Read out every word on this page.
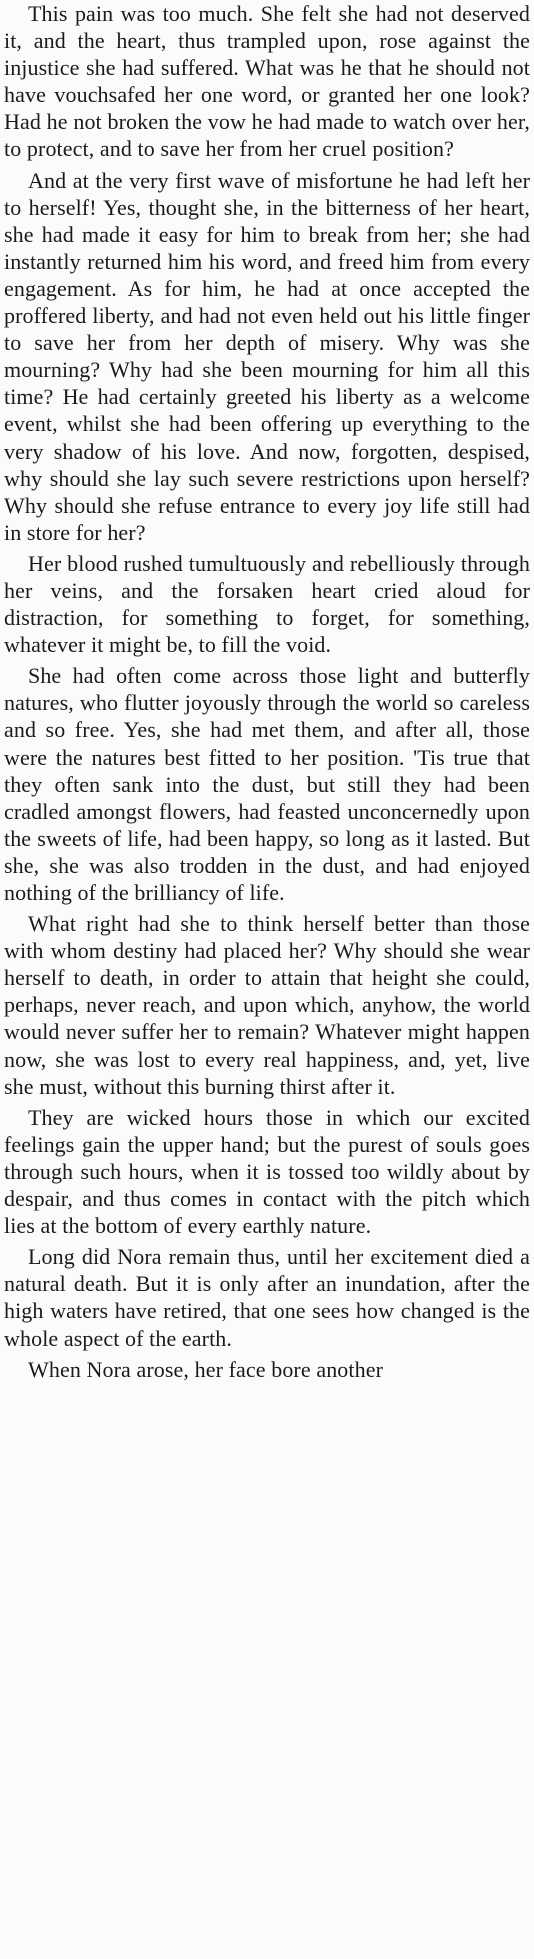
This pain was too much. She felt she had not deserved it, and the heart, thus trampled upon, rose against the injustice she had suffered. What was he that he should not have vouchsafed her one word, or granted her one look? Had he not broken the vow he had made to watch over her, to protect, and to save her from her cruel position?

And at the very first wave of misfortune he had left her to herself! Yes, thought she, in the bitterness of her heart, she had made it easy for him to break from her; she had instantly returned him his word, and freed him from every engagement. As for him, he had at once accepted the proffered liberty, and had not even held out his little finger to save her from her depth of misery. Why was she mourning? Why had she been mourning for him all this time? He had certainly greeted his liberty as a welcome event, whilst she had been offering up everything to the very shadow of his love. And now, forgotten, despised, why should she lay such severe restrictions upon herself? Why should she refuse entrance to every joy life still had in store for her?

Her blood rushed tumultuously and rebelliously through her veins, and the forsaken heart cried aloud for distraction, for something to forget, for something, whatever it might be, to fill the void.

She had often come across those light and butterfly natures, who flutter joyously through the world so careless and so free. Yes, she had met them, and after all, those were the natures best fitted to her position. 'Tis true that they often sank into the dust, but still they had been cradled amongst flowers, had feasted unconcernedly upon the sweets of life, had been happy, so long as it lasted. But she, she was also trodden in the dust, and had enjoyed nothing of the brilliancy of life.

What right had she to think herself better than those with whom destiny had placed her? Why should she wear herself to death, in order to attain that height she could, perhaps, never reach, and upon which, anyhow, the world would never suffer her to remain? Whatever might happen now, she was lost to every real happiness, and, yet, live she must, without this burning thirst after it.

They are wicked hours those in which our excited feelings gain the upper hand; but the purest of souls goes through such hours, when it is tossed too wildly about by despair, and thus comes in contact with the pitch which lies at the bottom of every earthly nature.

Long did Nora remain thus, until her excitement died a natural death. But it is only after an inundation, after the high waters have retired, that one sees how changed is the whole aspect of the earth.

When Nora arose, her face bore another
